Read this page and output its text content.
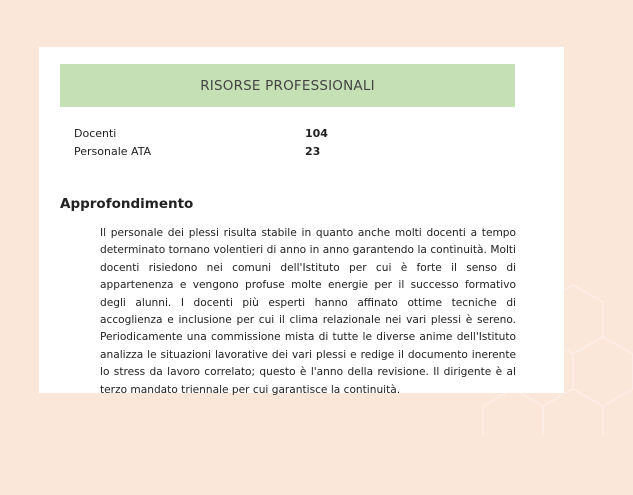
RISORSE PROFESSIONALI
Docenti	104
Personale ATA	23
Approfondimento

Il personale dei plessi risulta stabile in quanto anche molti docenti a tempo determinato tornano volentieri di anno in anno garantendo la continuità. Molti docenti risiedono nei comuni dell'Istituto per cui è forte il senso di appartenenza e vengono profuse molte energie per il successo formativo degli alunni. I docenti più esperti hanno affinato ottime tecniche di accoglienza e inclusione per cui il clima relazionale nei vari plessi è sereno. Periodicamente una commissione mista di tutte le diverse anime dell'Istituto analizza le situazioni lavorative dei vari plessi e redige il documento inerente lo stress da lavoro correlato; questo è l'anno della revisione. Il dirigente è al terzo mandato triennale per cui garantisce la continuità.
